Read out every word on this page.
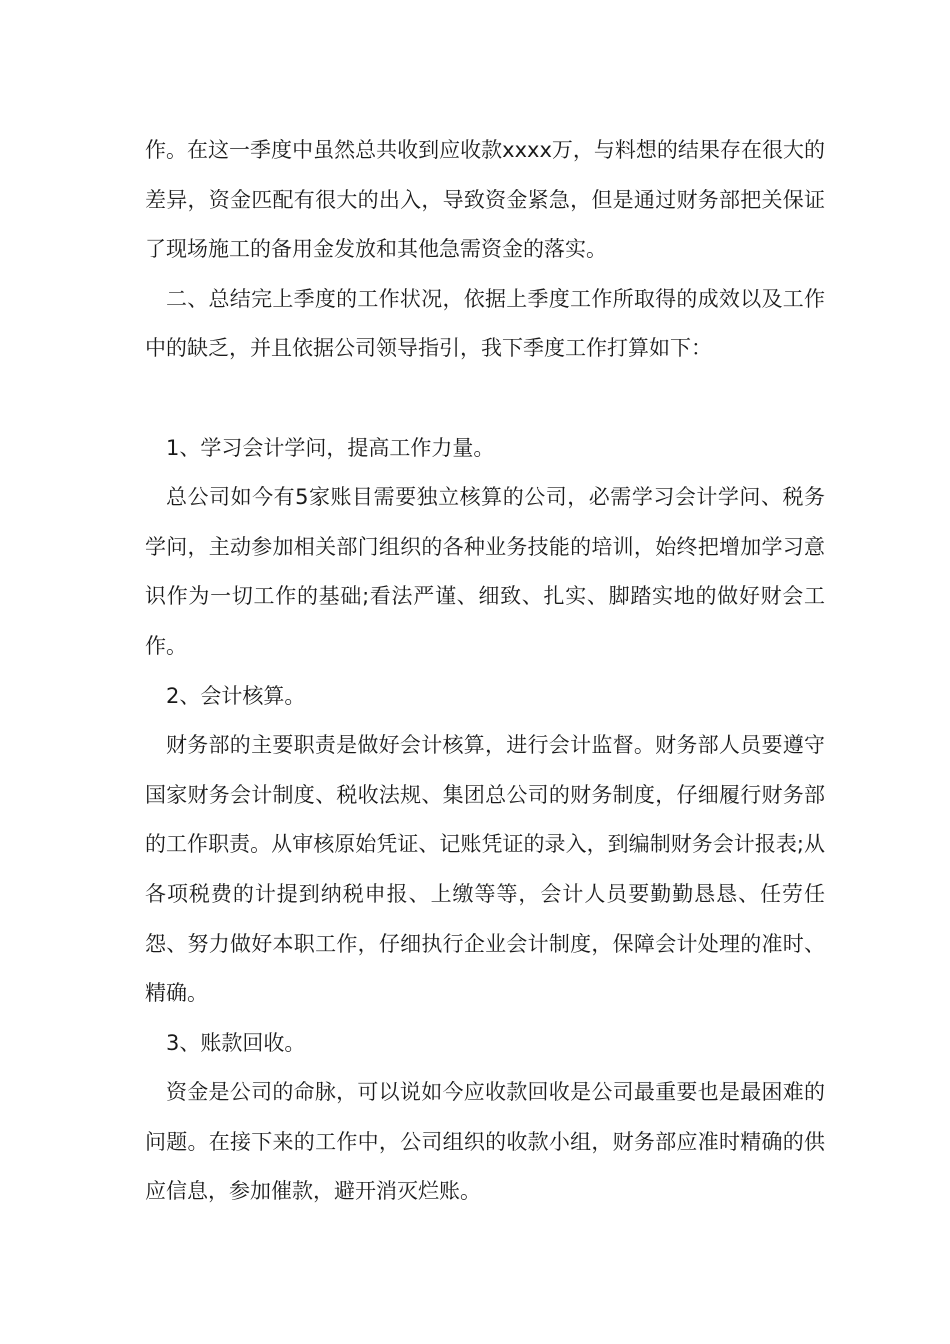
作。在这一季度中虽然总共收到应收款xxxx万，与料想的结果存在很大的差异，资金匹配有很大的出入，导致资金紧急，但是通过财务部把关保证了现场施工的备用金发放和其他急需资金的落实。

二、总结完上季度的工作状况，依据上季度工作所取得的成效以及工作中的缺乏，并且依据公司领导指引，我下季度工作打算如下：

1、学习会计学问，提高工作力量。

总公司如今有5家账目需要独立核算的公司，必需学习会计学问、税务学问，主动参加相关部门组织的各种业务技能的培训，始终把增加学习意识作为一切工作的基础;看法严谨、细致、扎实、脚踏实地的做好财会工作。

2、会计核算。

财务部的主要职责是做好会计核算，进行会计监督。财务部人员要遵守国家财务会计制度、税收法规、集团总公司的财务制度，仔细履行财务部的工作职责。从审核原始凭证、记账凭证的录入，到编制财务会计报表;从各项税费的计提到纳税申报、上缴等等，会计人员要勤勤恳恳、任劳任怨、努力做好本职工作，仔细执行企业会计制度，保障会计处理的准时、精确。

3、账款回收。

资金是公司的命脉，可以说如今应收款回收是公司最重要也是最困难的问题。在接下来的工作中，公司组织的收款小组，财务部应准时精确的供应信息，参加催款，避开消灭烂账。
